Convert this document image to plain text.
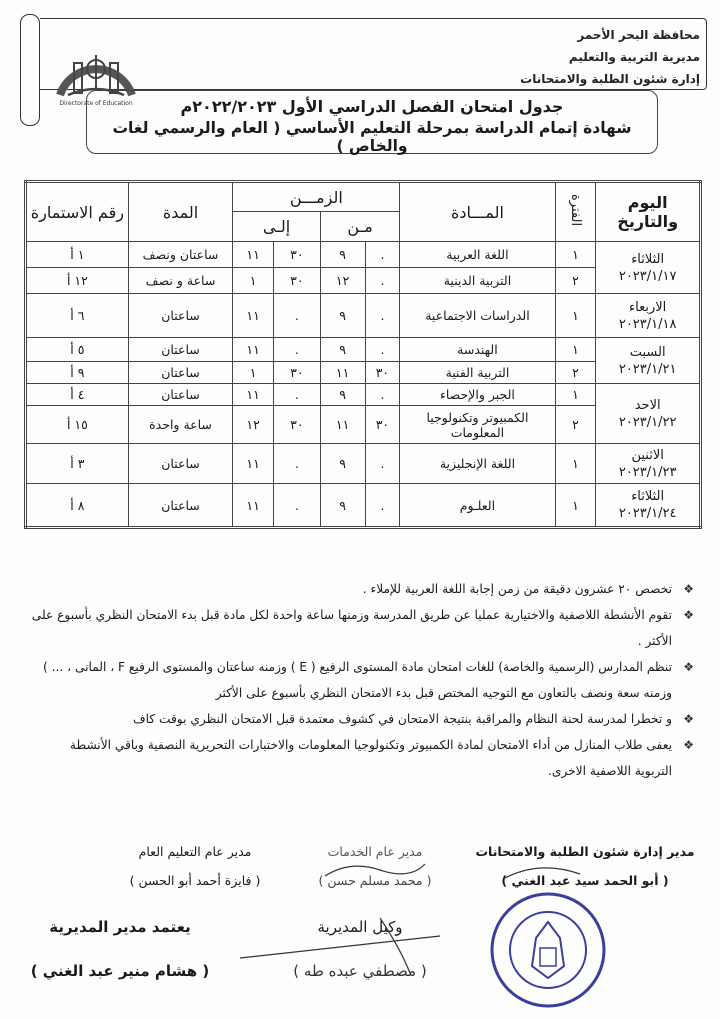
محافظة البحر الأحمر
مديرية التربية والتعليم
إدارة شئون الطلبة والامتحانات
Directorate of Education	جدول امتحان الفصل الدراسي الأول ٢٠٢٢/٢٠٢٣م
شهادة إتمام الدراسة بمرحلة التعليم الأساسي ( العام والرسمي لغات والخاص )
اليوم والتاريخ	الفترة	المـــادة	الزمـــن				المدة	رقم الاستمارة
			مـن		إلـى			

الثلاثاء
٢٠٢٣/١/١٧	١	اللغة العربية	.	٩	٣٠	١١	ساعتان ونصف	١ أ
	٢	التربية الدينية	.	١٢	٣٠	١	ساعة و نصف	١٢ أ

الاربعاء
٢٠٢٣/١/١٨	١	الدراسات الاجتماعية	.	٩	.	١١	ساعتان	٦ أ

السبت
٢٠٢٣/١/٢١	١	الهندسة	.	٩	.	١١	ساعتان	٥ أ
	٢	التربية الفنية	٣٠	١١	٣٠	١	ساعتان	٩ أ

الاحد
٢٠٢٣/١/٢٢	١	الجبر والإحصاء	.	٩	.	١١	ساعتان	٤ أ
	٢	الكمبيوتر وتكنولوجيا المعلومات	٣٠	١١	٣٠	١٢	ساعة واحدة	١٥ أ

الاثنين
٢٠٢٣/١/٢٣	١	اللغة الإنجليزية	.	٩	.	١١	ساعتان	٣ أ

الثلاثاء
٢٠٢٣/١/٢٤	١	العلـوم	.	٩	.	١١	ساعتان	٨ أ
❖
تخصص ٢٠ عشرون دقيقة من زمن إجابة اللغة العربية للإملاء .
❖
تقوم الأنشطة اللاصفية والاختيارية عمليا عن طريق المدرسة وزمنها ساعة واحدة لكل مادة قبل بدء الامتحان النظري بأسبوع على الأكثر .
❖
تنظم المدارس (الرسمية والخاصة) للغات امتحان مادة المستوى الرفيع ( E ) وزمنه ساعتان والمستوى الرفيع F ، المانى ، ... ) وزمنه سعة ونصف بالتعاون مع التوجيه المختص قبل بدء الامتحان النظري بأسبوع على الأكثر
❖
و تخطرا لمدرسة لحنة النظام والمراقبة بنتيجة الامتحان في كشوف معتمدة قبل الامتحان النظري بوقت كاف
❖
يعفى طلاب المنازل من أداء الامتحان لمادة الكمبيوتر وتكنولوجيا المعلومات والاختبارات التحريرية النصفية وباقي الأنشطة التربوية اللاصفية الاخرى.
مدير إدارة شئون الطلبة والامتحانات
( أبو الحمد سيد عبد الغني )
مدير عام الخدمات
( محمد مسلم حسن )
مدير عام التعليم العام
( فايزة أحمد أبو الحسن )
وكيل المديرية
( مصطفي عبده طه )
يعتمد مدير المديرية
( هشام منير عبد الغني )
